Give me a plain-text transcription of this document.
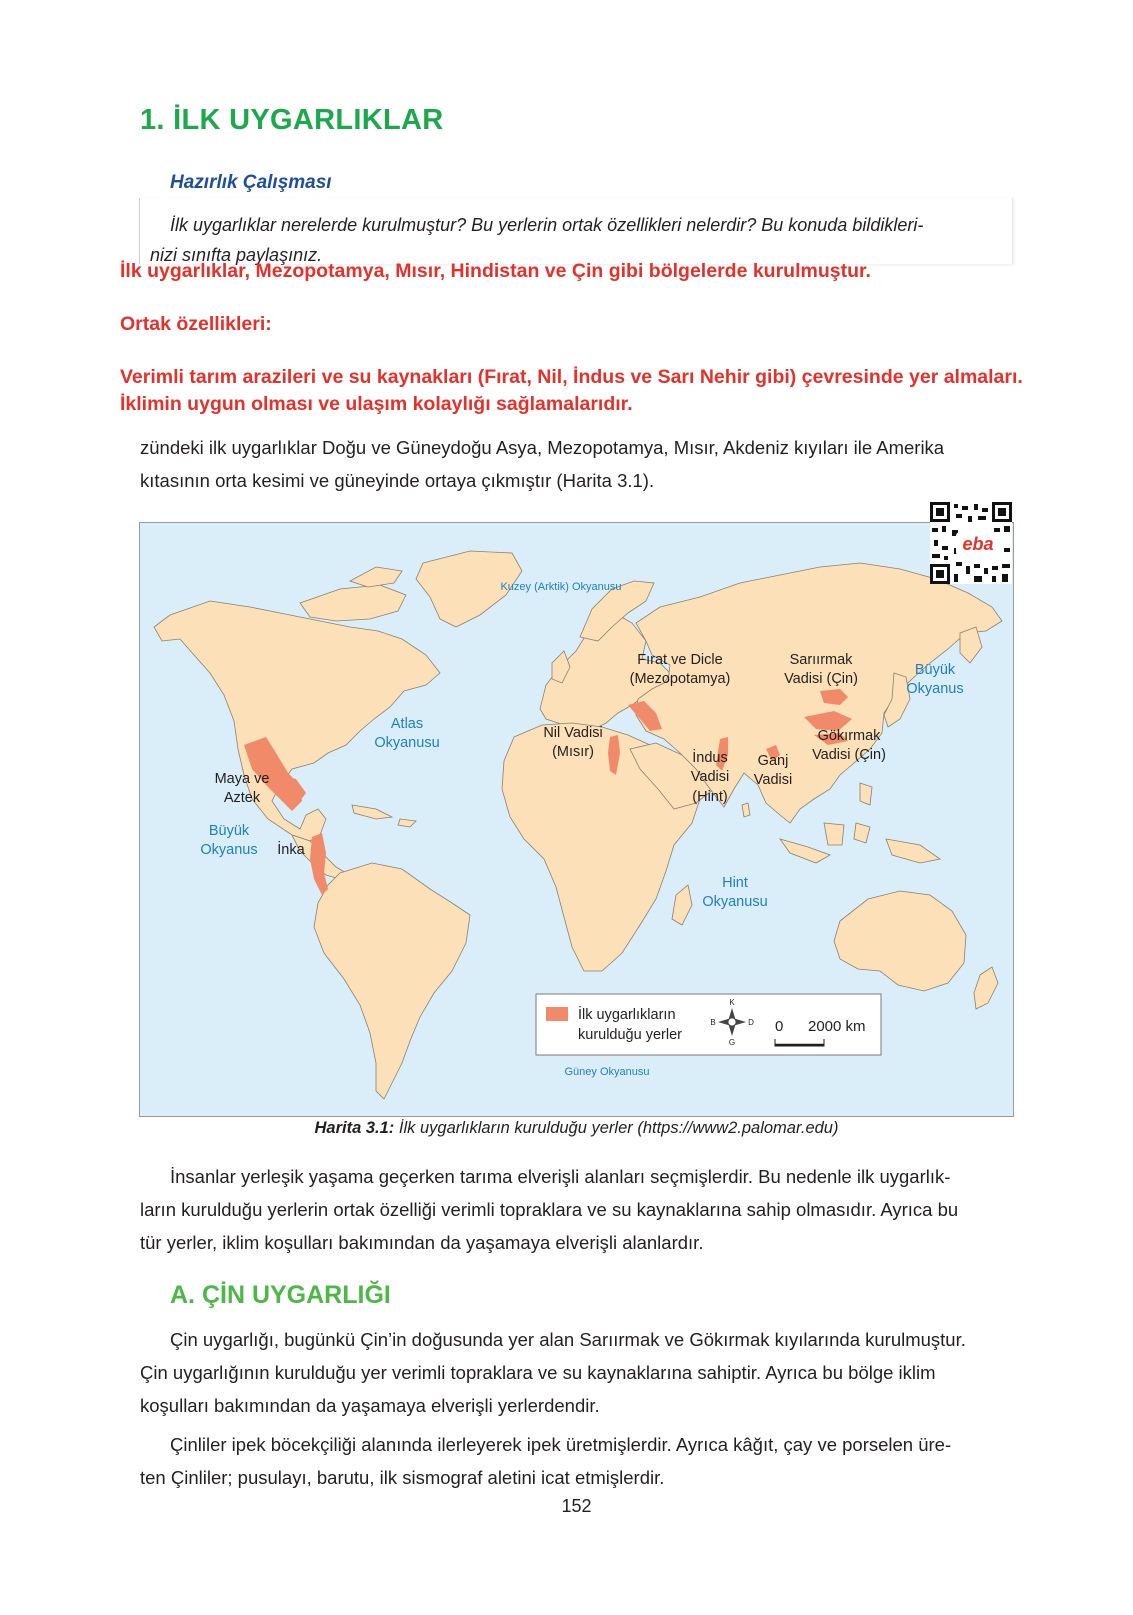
1. İLK UYGARLIKLAR
Hazırlık Çalışması
İlk uygarlıklar nerelerde kurulmuştur? Bu yerlerin ortak özellikleri nelerdir? Bu konuda bildikleri-
nizi sınıfta paylaşınız.
İlk uygarlıklar, Mezopotamya, Mısır, Hindistan ve Çin gibi bölgelerde kurulmuştur.
Ortak özellikleri:
Verimli tarım arazileri ve su kaynakları (Fırat, Nil, İndus ve Sarı Nehir gibi) çevresinde yer almaları.
İklimin uygun olması ve ulaşım kolaylığı sağlamalarıdır.
zündeki ilk uygarlıklar Doğu ve Güneydoğu Asya, Mezopotamya, Mısır, Akdeniz kıyıları ile Amerika
kıtasının orta kesimi ve güneyinde ortaya çıkmıştır (Harita 3.1).
Kuzey (Arktik) Okyanusu
Atlas
Okyanusu
Büyük
Okyanus
Büyük
Okyanus
Hint
Okyanusu
Güney Okyanusu
Fırat ve Dicle
(Mezopotamya)
Sarıırmak
Vadisi (Çin)
Nil Vadisi
(Mısır)	İndus
Vadisi
(Hint)
Ganj
Vadisi
Gökırmak
Vadisi (Çin)
Maya ve
Aztek
İnka
İlk uygarlıkların
kurulduğu yerler
K
G
D
B	0 2000 km
eba
Harita 3.1: İlk uygarlıkların kurulduğu yerler (https://www2.palomar.edu)
İnsanlar yerleşik yaşama geçerken tarıma elverişli alanları seçmişlerdir. Bu nedenle ilk uygarlık-
ların kurulduğu yerlerin ortak özelliği verimli topraklara ve su kaynaklarına sahip olmasıdır. Ayrıca bu
tür yerler, iklim koşulları bakımından da yaşamaya elverişli alanlardır.
A. ÇİN UYGARLIĞI
Çin uygarlığı, bugünkü Çin’in doğusunda yer alan Sarıırmak ve Gökırmak kıyılarında kurulmuştur.
Çin uygarlığının kurulduğu yer verimli topraklara ve su kaynaklarına sahiptir. Ayrıca bu bölge iklim
koşulları bakımından da yaşamaya elverişli yerlerdendir.
Çinliler ipek böcekçiliği alanında ilerleyerek ipek üretmişlerdir. Ayrıca kâğıt, çay ve porselen üre-
ten Çinliler; pusulayı, barutu, ilk sismograf aletini icat etmişlerdir.
152
